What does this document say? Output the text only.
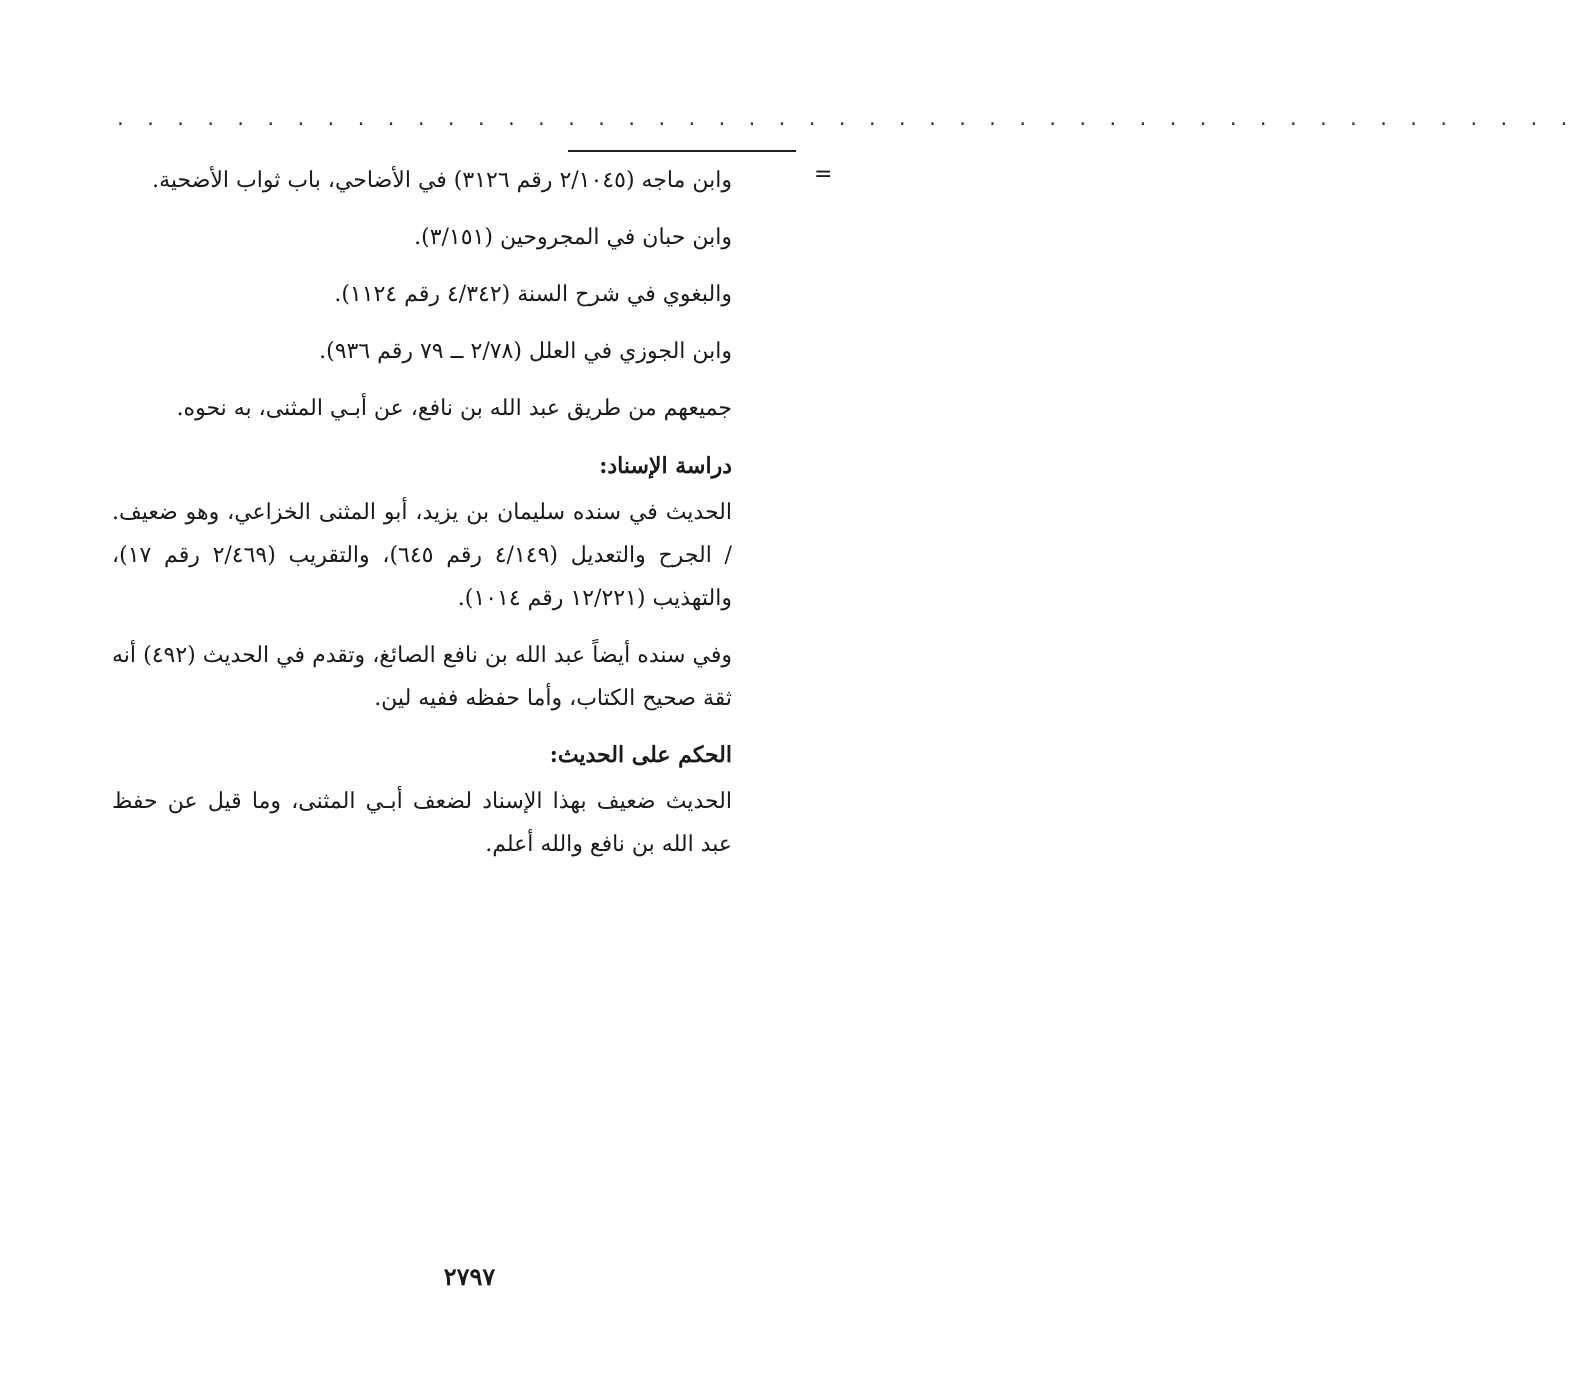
. . . . . . . . . . . . . . . . . . . . . . . . . . . . . . . . . . . . . . . . . . . . . . . . .
=
وابن ماجه (٢/١٠٤٥ رقم ٣١٢٦) في الأضاحي، باب ثواب الأضحية.
وابن حبان في المجروحين (٣/١٥١).
والبغوي في شرح السنة (٤/٣٤٢ رقم ١١٢٤).
وابن الجوزي في العلل (٢/٧٨ ــ ٧٩ رقم ٩٣٦).
جميعهم من طريق عبد الله بن نافع، عن أبـي المثنى، به نحوه.
دراسة الإسناد:
الحديث في سنده سليمان بن يزيد، أبو المثنى الخزاعي، وهو ضعيف. / الجرح والتعديل (٤/١٤٩ رقم ٦٤٥)، والتقريب (٢/٤٦٩ رقم ١٧)، والتهذيب (١٢/٢٢١ رقم ١٠١٤).
وفي سنده أيضاً عبد الله بن نافع الصائغ، وتقدم في الحديث (٤٩٢) أنه ثقة صحيح الكتاب، وأما حفظه ففيه لين.
الحكم على الحديث:
الحديث ضعيف بهذا الإسناد لضعف أبـي المثنى، وما قيل عن حفظ عبد الله بن نافع والله أعلم.
٢٧٩٧
